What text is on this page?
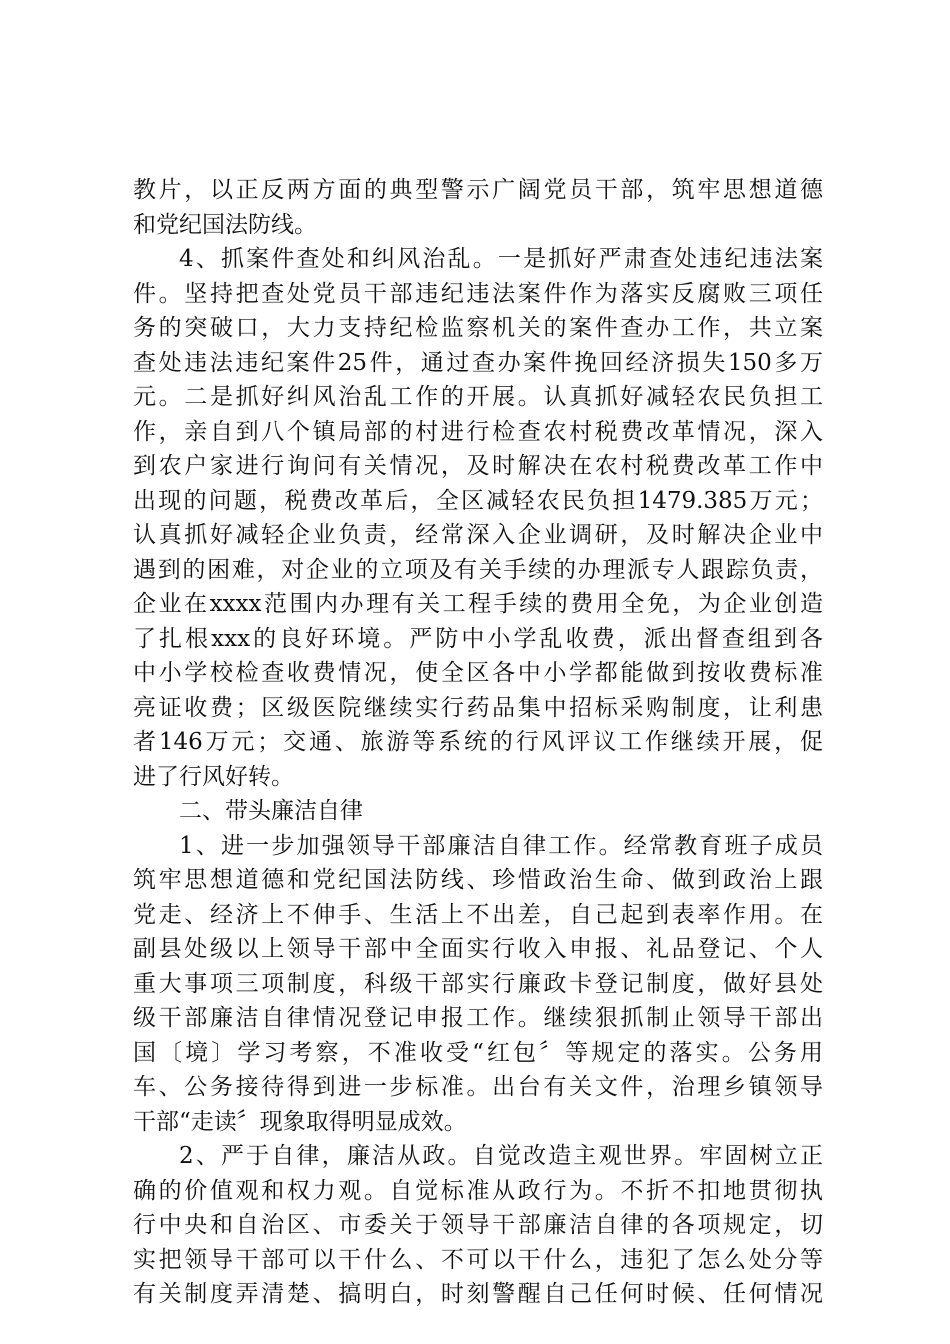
教片，以正反两方面的典型警示广阔党员干部，筑牢思想道德
和党纪国法防线。
4、抓案件查处和纠风治乱。一是抓好严肃查处违纪违法案
件。坚持把查处党员干部违纪违法案件作为落实反腐败三项任
务的突破口，大力支持纪检监察机关的案件查办工作，共立案
查处违法违纪案件25件，通过查办案件挽回经济损失150多万
元。二是抓好纠风治乱工作的开展。认真抓好减轻农民负担工
作，亲自到八个镇局部的村进行检查农村税费改革情况，深入
到农户家进行询问有关情况，及时解决在农村税费改革工作中
出现的问题，税费改革后，全区减轻农民负担1479.385万元；
认真抓好减轻企业负责，经常深入企业调研，及时解决企业中
遇到的困难，对企业的立项及有关手续的办理派专人跟踪负责，
企业在xxxx范围内办理有关工程手续的费用全免，为企业创造
了扎根xxx的良好环境。严防中小学乱收费，派出督查组到各
中小学校检查收费情况，使全区各中小学都能做到按收费标准
亮证收费；区级医院继续实行药品集中招标采购制度，让利患
者146万元；交通、旅游等系统的行风评议工作继续开展，促
进了行风好转。
二、带头廉洁自律
1、进一步加强领导干部廉洁自律工作。经常教育班子成员
筑牢思想道德和党纪国法防线、珍惜政治生命、做到政治上跟
党走、经济上不伸手、生活上不出差，自己起到表率作用。在
副县处级以上领导干部中全面实行收入申报、礼品登记、个人
重大事项三项制度，科级干部实行廉政卡登记制度，做好县处
级干部廉洁自律情况登记申报工作。继续狠抓制止领导干部出
国〔境〕学习考察，不准收受“红包〞等规定的落实。公务用
车、公务接待得到进一步标准。出台有关文件，治理乡镇领导
干部“走读〞现象取得明显成效。
2、严于自律，廉洁从政。自觉改造主观世界。牢固树立正
确的价值观和权力观。自觉标准从政行为。不折不扣地贯彻执
行中央和自治区、市委关于领导干部廉洁自律的各项规定，切
实把领导干部可以干什么、不可以干什么，违犯了怎么处分等
有关制度弄清楚、搞明白，时刻警醒自己任何时候、任何情况
